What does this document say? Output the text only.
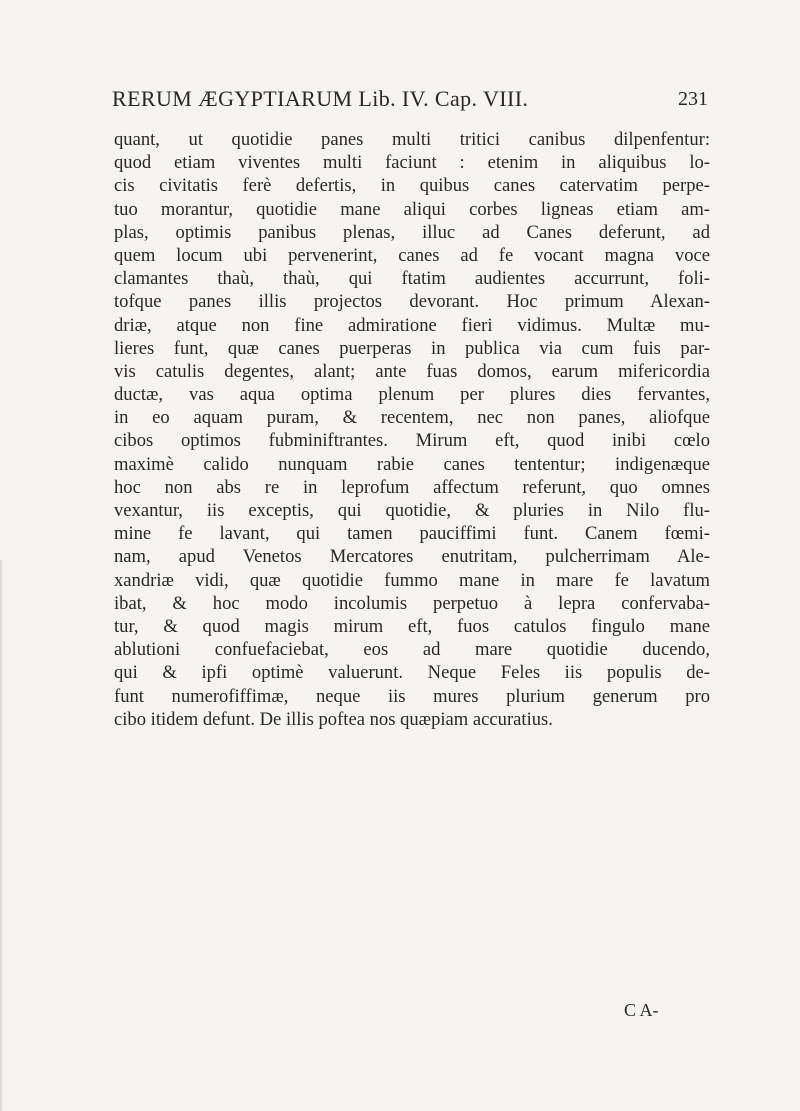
RERUM ÆGYPTIARUM Lib. IV. Cap. VIII.	231
quant, ut quotidie panes multi tritici canibus dilpenfentur:
quod etiam viventes multi faciunt : etenim in aliquibus lo-
cis civitatis ferè defertis, in quibus canes catervatim perpe-
tuo morantur, quotidie mane aliqui corbes ligneas etiam am-
plas, optimis panibus plenas, illuc ad Canes deferunt, ad
quem locum ubi pervenerint, canes ad fe vocant magna voce
clamantes thaù, thaù, qui ftatim audientes accurrunt, foli-
tofque panes illis projectos devorant. Hoc primum Alexan-
driæ, atque non fine admiratione fieri vidimus. Multæ mu-
lieres funt, quæ canes puerperas in publica via cum fuis par-
vis catulis degentes, alant; ante fuas domos, earum mifericordia
ductæ, vas aqua optima plenum per plures dies fervantes,
in eo aquam puram, & recentem, nec non panes, aliofque
cibos optimos fubminiftrantes. Mirum eft, quod inibi cœlo
maximè calido nunquam rabie canes tententur; indigenæque
hoc non abs re in leprofum affectum referunt, quo omnes
vexantur, iis exceptis, qui quotidie, & pluries in Nilo flu-
mine fe lavant, qui tamen pauciffimi funt. Canem fœmi-
nam, apud Venetos Mercatores enutritam, pulcherrimam Ale-
xandriæ vidi, quæ quotidie fummo mane in mare fe lavatum
ibat, & hoc modo incolumis perpetuo à lepra confervaba-
tur, & quod magis mirum eft, fuos catulos fingulo mane
ablutioni confuefaciebat, eos ad mare quotidie ducendo,
qui & ipfi optimè valuerunt. Neque Feles iis populis de-
funt numerofiffimæ, neque iis mures plurium generum pro
cibo itidem defunt. De illis poftea nos quæpiam accuratius.
C A-
